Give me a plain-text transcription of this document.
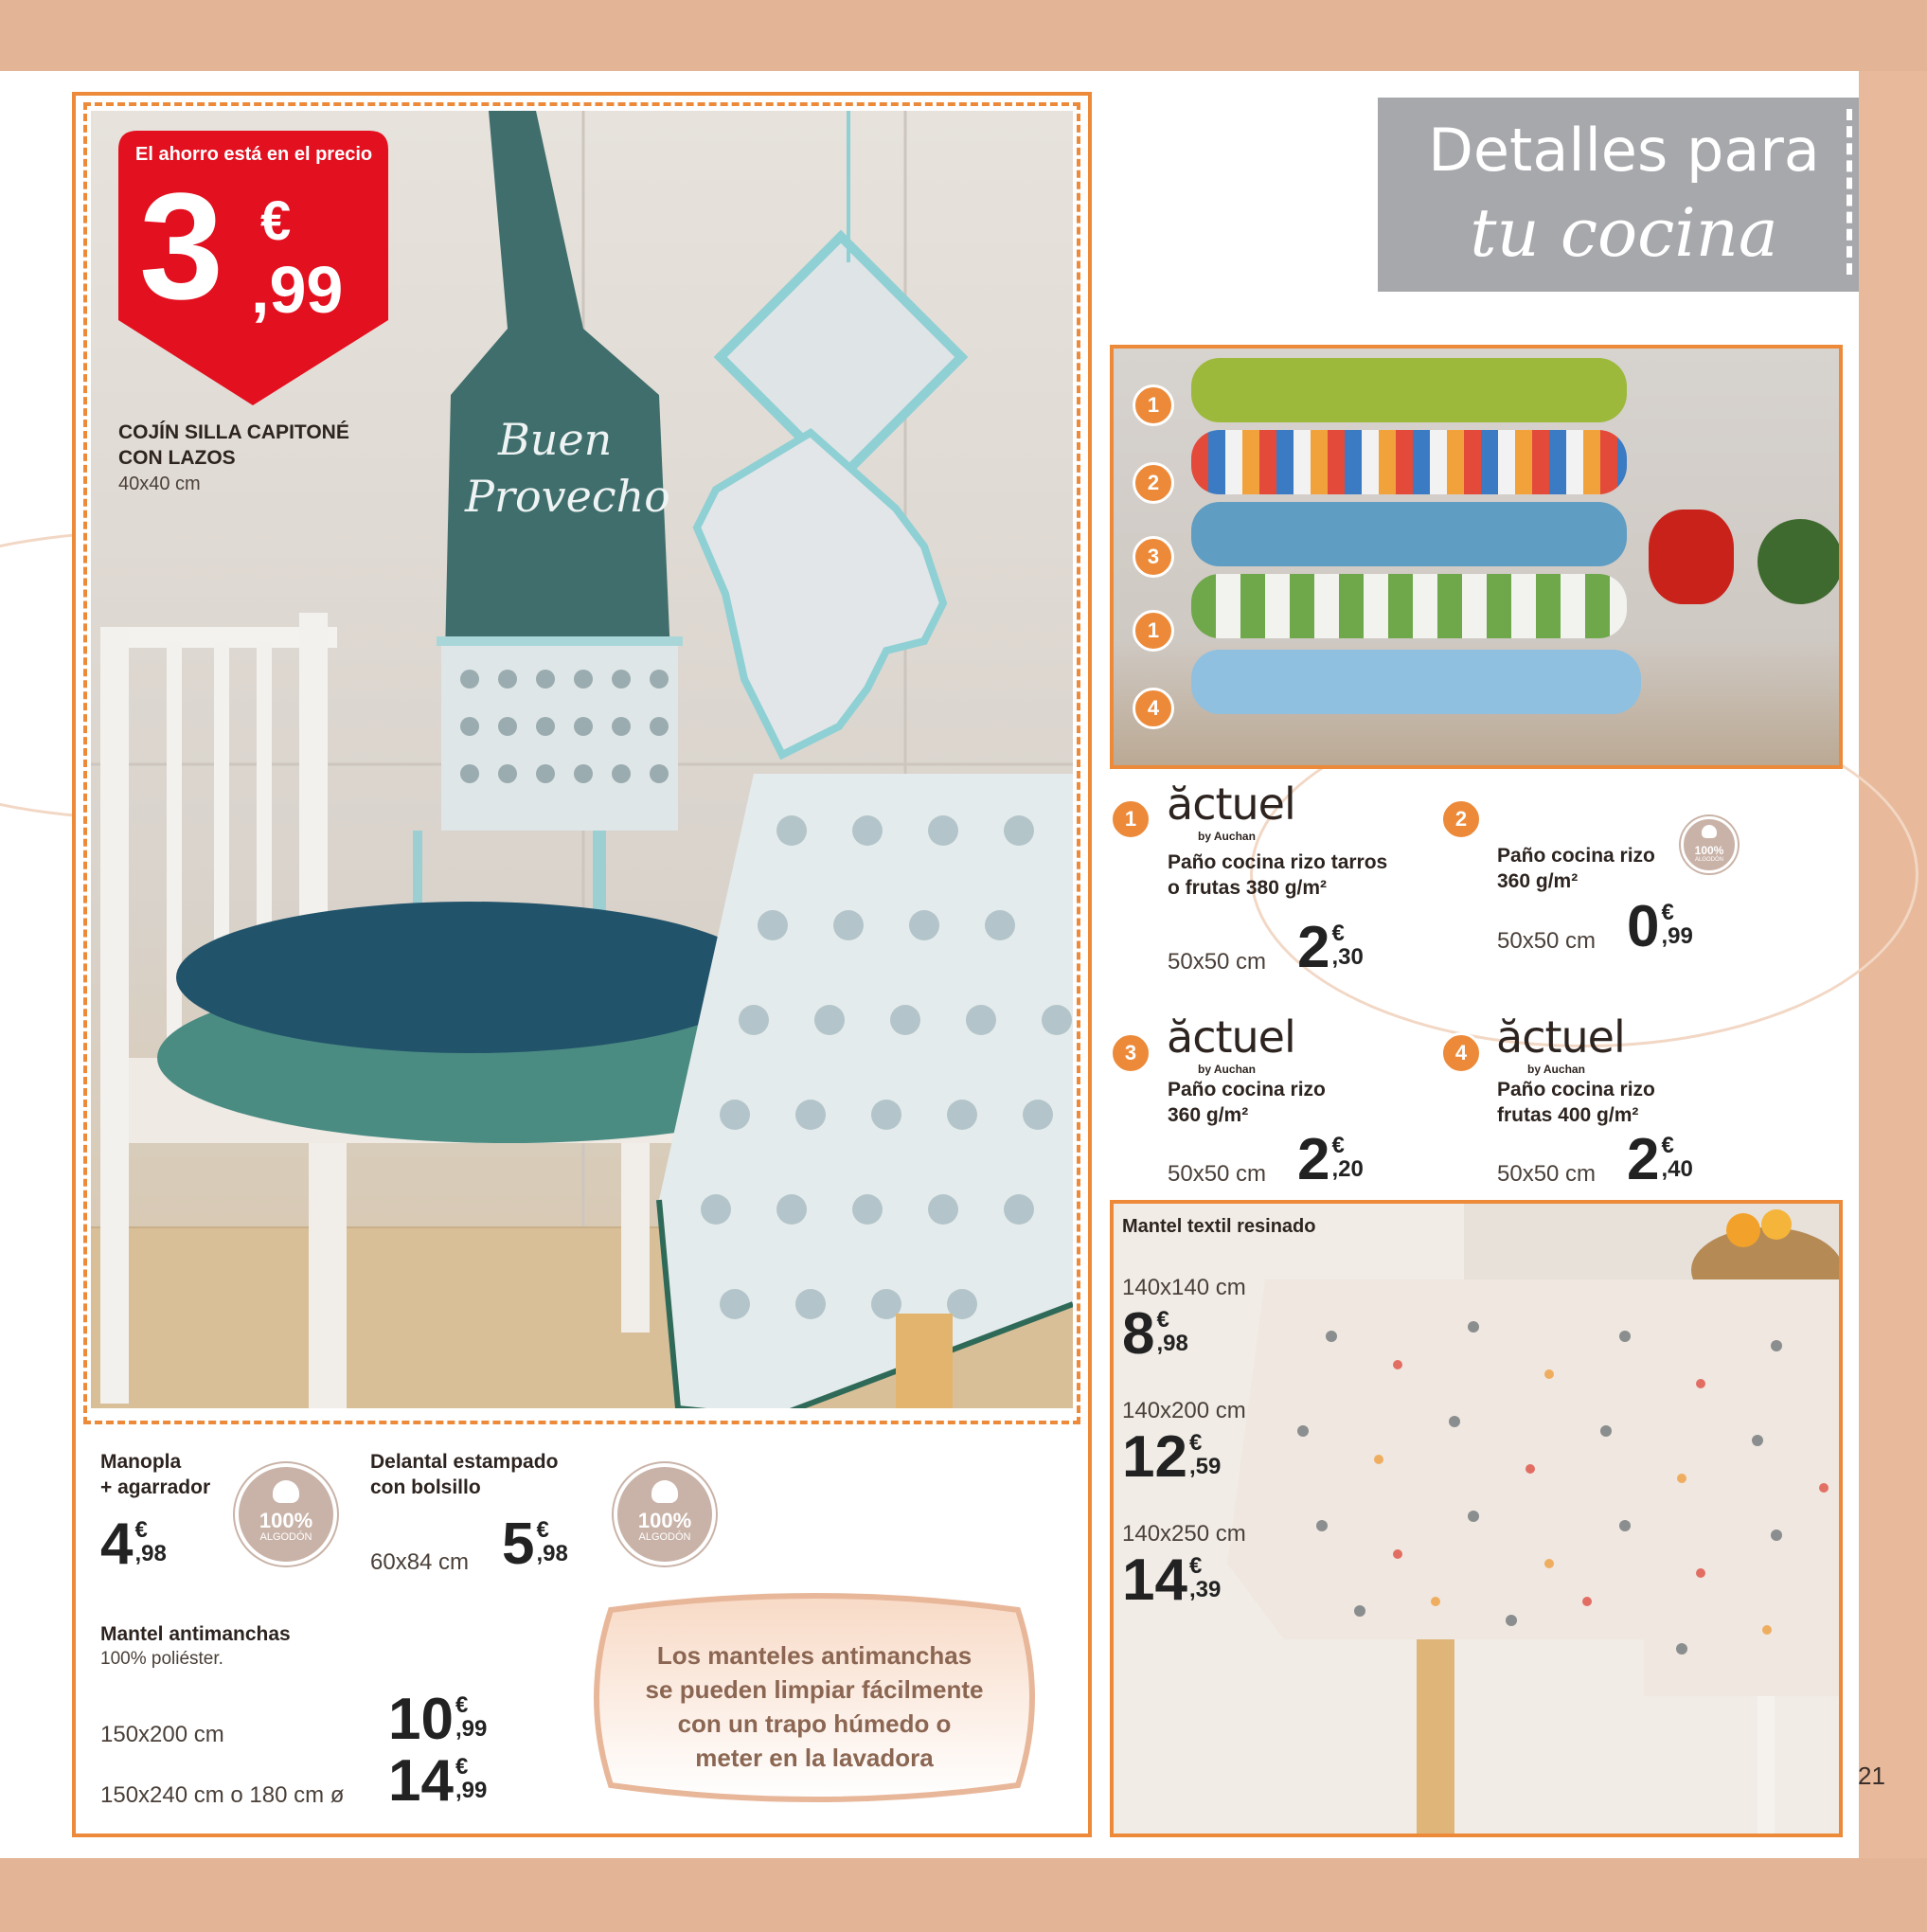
Buen
Provecho
El ahorro está en el precio
3 €
,99
COJÍN SILLA CAPITONÉ
CON LAZOS
40x40 cm
Manopla
+ agarrador
4 €
,98
100%
ALGODÓN
Delantal estampado
con bolsillo
60x84 cm 5 €
,98
100%
ALGODÓN
Mantel antimanchas
100% poliéster.
150x200 cm	10 €
,99
150x240 cm o 180 cm ø 14 €
,99
Los manteles antimanchas
se pueden limpiar fácilmente
con un trapo húmedo o
meter en la lavadora
Detalles para
tu cocina
1
2
3
1
4
1 ăctuel
by Auchan
Paño cocina rizo tarros
o frutas 380 g/m²
50x50 cm 2 €
,30
2
Paño cocina rizo
360 g/m²
100%
ALGODÓN
50x50 cm 0 €
,99
3 ăctuel
by Auchan
Paño cocina rizo
360 g/m²
50x50 cm 2 €
,20
4 ăctuel
by Auchan
Paño cocina rizo
frutas 400 g/m²
50x50 cm 2 €
,40
Mantel textil resinado
140x140 cm
8 €
,98
140x200 cm
12 €
,59
140x250 cm
14 €
,39
21
